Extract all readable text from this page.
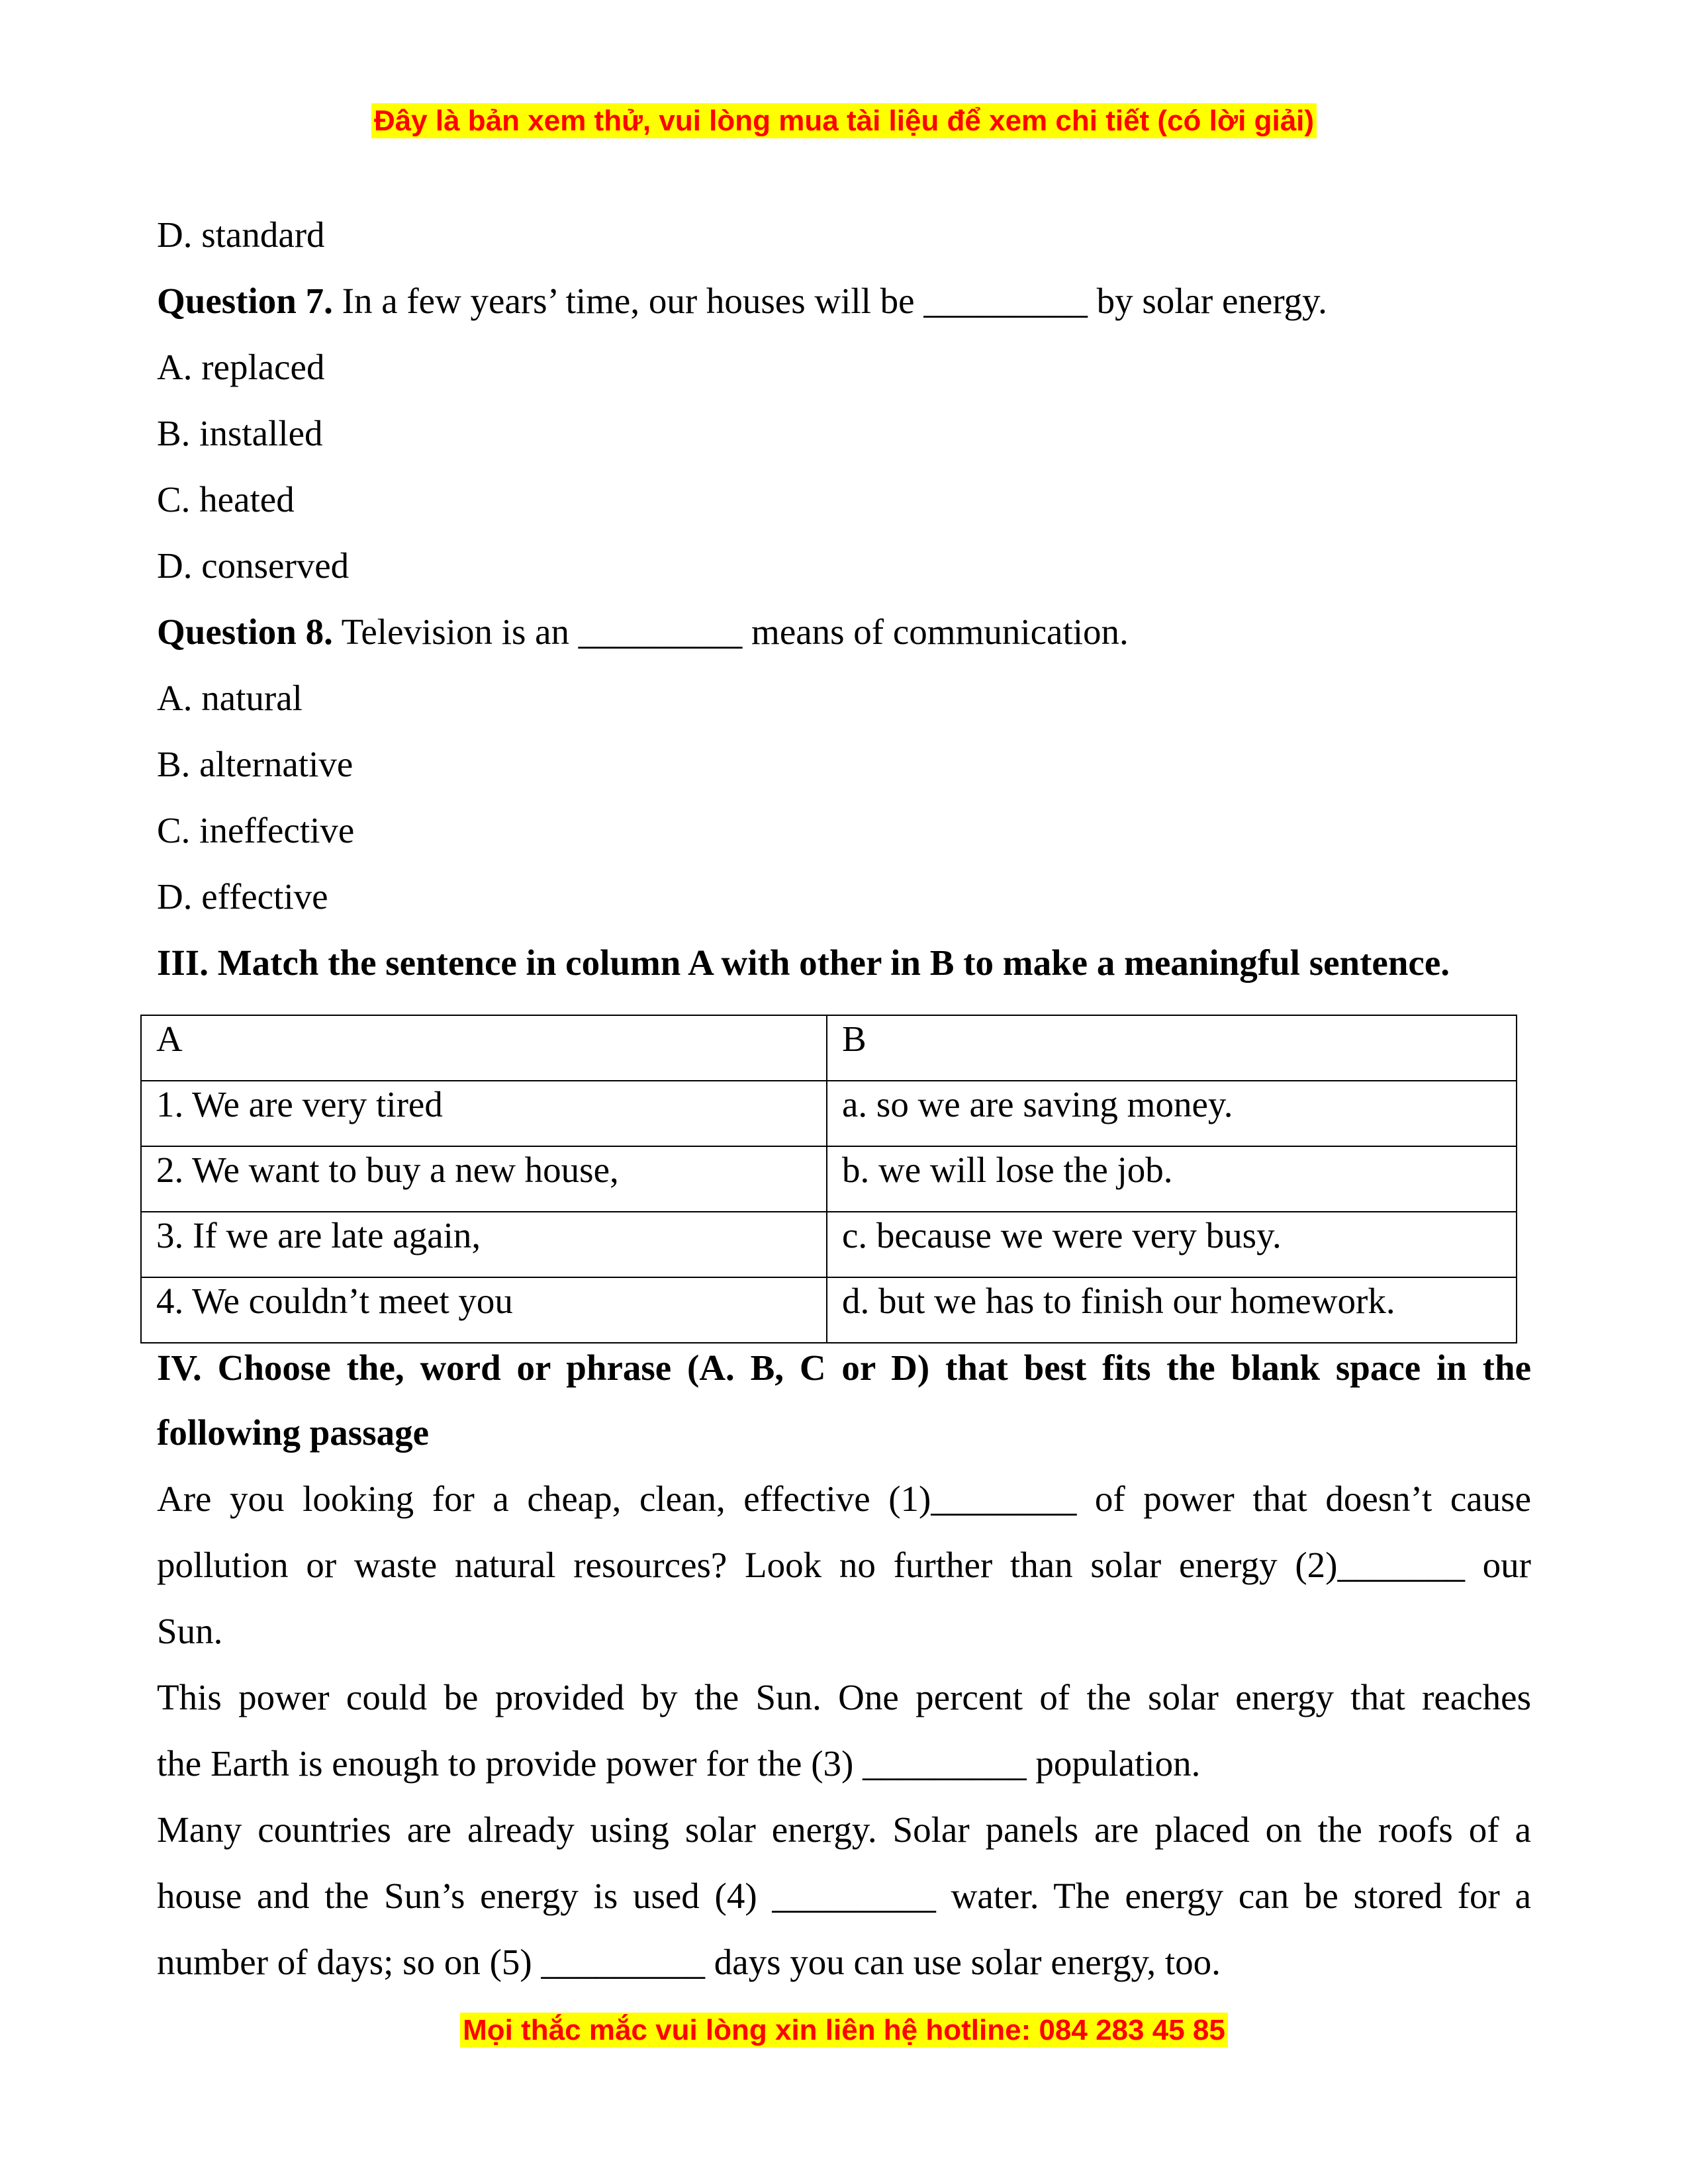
Đây là bản xem thử, vui lòng mua tài liệu để xem chi tiết (có lời giải)
D. standard
Question 7. In a few years’ time, our houses will be _________ by solar energy.
A. replaced
B. installed
C. heated
D. conserved
Question 8. Television is an _________ means of communication.
A. natural
B. alternative
C. ineffective
D. effective
III. Match the sentence in column A with other in B to make a meaningful sentence.
A	B
1. We are very tired	a. so we are saving money.
2. We want to buy a new house,	b. we will lose the job.
3. If we are late again,	c. because we were very busy.
4. We couldn’t meet you	d. but we has to finish our homework.
IV. Choose the, word or phrase (A. B, C or D) that best fits the blank space in the
following passage
Are you looking for a cheap, clean, effective (1)________ of power that doesn’t cause
pollution or waste natural resources? Look no further than solar energy (2)_______ our
Sun.
This power could be provided by the Sun. One percent of the solar energy that reaches
the Earth is enough to provide power for the (3) _________ population.
Many countries are already using solar energy. Solar panels are placed on the roofs of a
house and the Sun’s energy is used (4) _________ water. The energy can be stored for a
number of days; so on (5) _________ days you can use solar energy, too.
Mọi thắc mắc vui lòng xin liên hệ hotline: 084 283 45 85
